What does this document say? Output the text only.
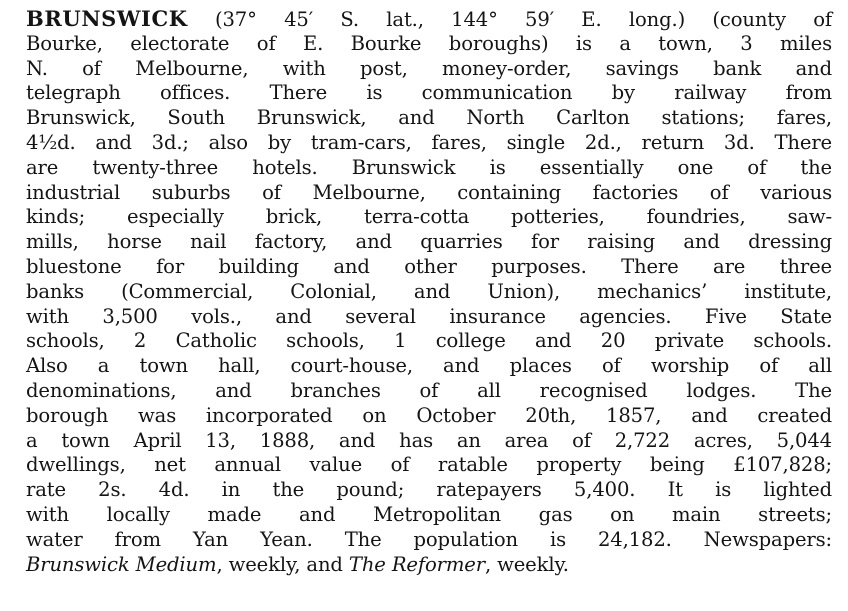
BRUNSWICK (37° 45′ S. lat., 144° 59′ E. long.) (county of
Bourke, electorate of E. Bourke boroughs) is a town, 3 miles
N. of Melbourne, with post, money-order, savings bank and
telegraph offices. There is communication by railway from
Brunswick, South Brunswick, and North Carlton stations; fares,
4½d. and 3d.; also by tram-cars, fares, single 2d., return 3d. There
are twenty-three hotels. Brunswick is essentially one of the
industrial suburbs of Melbourne, containing factories of various
kinds; especially brick, terra-cotta potteries, foundries, saw-
mills, horse nail factory, and quarries for raising and dressing
bluestone for building and other purposes. There are three
banks (Commercial, Colonial, and Union), mechanics’ institute,
with 3,500 vols., and several insurance agencies. Five State
schools, 2 Catholic schools, 1 college and 20 private schools.
Also a town hall, court-house, and places of worship of all
denominations, and branches of all recognised lodges. The
borough was incorporated on October 20th, 1857, and created
a town April 13, 1888, and has an area of 2,722 acres, 5,044
dwellings, net annual value of ratable property being £107,828;
rate 2s. 4d. in the pound; ratepayers 5,400. It is lighted
with locally made and Metropolitan gas on main streets;
water from Yan Yean. The population is 24,182. Newspapers:
Brunswick Medium, weekly, and The Reformer, weekly.
